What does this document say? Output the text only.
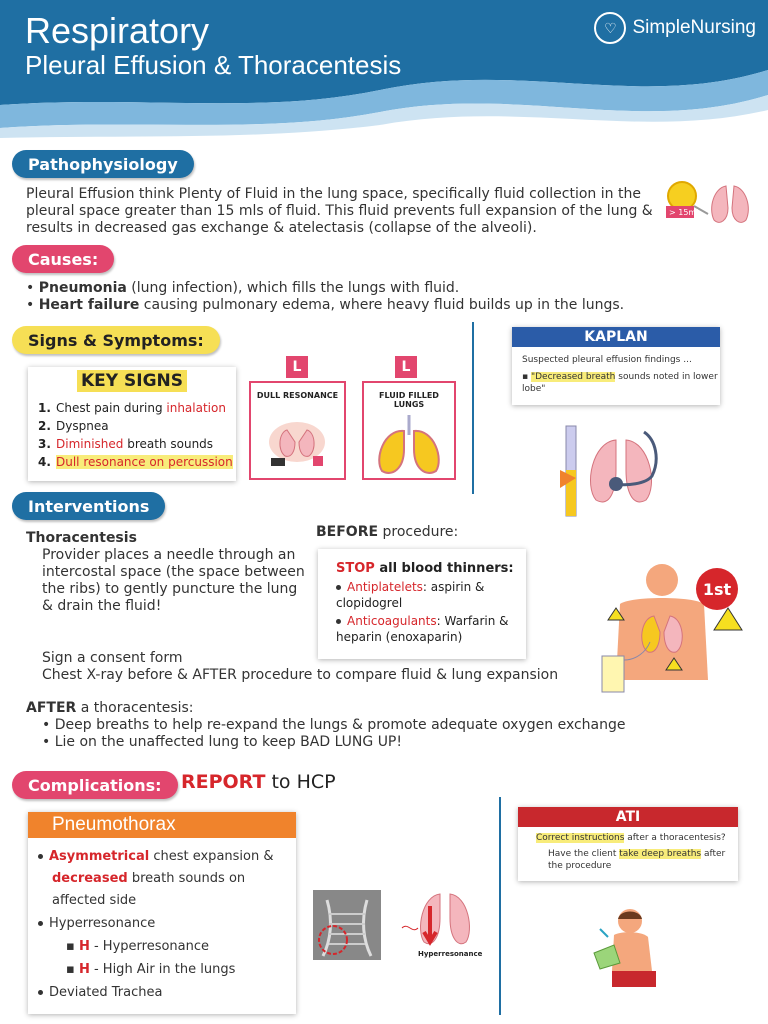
Respiratory
Pleural Effusion & Thoracentesis
♡ SimpleNursing
Pathophysiology
Pleural Effusion think Plenty of Fluid in the lung space, specifically fluid collection in the pleural space greater than 15 mls of fluid. This fluid prevents full expansion of the lung & results in decreased gas exchange & atelectasis (collapse of the alveoli).
> 15ml
Causes:
• Pneumonia (lung infection), which fills the lungs with fluid.
• Heart failure causing pulmonary edema, where heavy fluid builds up in the lungs.
Signs & Symptoms:
KEY SIGNS
1. Chest pain during inhalation
2. Dyspnea
3. Diminished breath sounds
4. Dull resonance on percussion
L
DULL RESONANCE
L
FLUID FILLED LUNGS
KAPLAN
Suspected pleural effusion findings ...
▪ "Decreased breath sounds noted in lower lobe"
Interventions
Thoracentesis
Provider places a needle through an intercostal space (the space between the ribs) to gently puncture the lung & drain the fluid!
BEFORE procedure:
STOP all blood thinners:
Antiplatelets: aspirin & clopidogrel
Anticoagulants: Warfarin & heparin (enoxaparin)
1st
Sign a consent form
Chest X-ray before & AFTER procedure to compare fluid & lung expansion
AFTER a thoracentesis:
• Deep breaths to help re-expand the lungs & promote adequate oxygen exchange
• Lie on the unaffected lung to keep BAD LUNG UP!
Complications:	REPORT to HCP
Pneumothorax
Asymmetrical chest expansion & decreased breath sounds on affected side
Hyperresonance
▪ H - Hyperresonance
▪ H - High Air in the lungs
Deviated Trachea
Hyperresonance
ATI
Correct instructions after a thoracentesis?
Have the client take deep breaths after the procedure
